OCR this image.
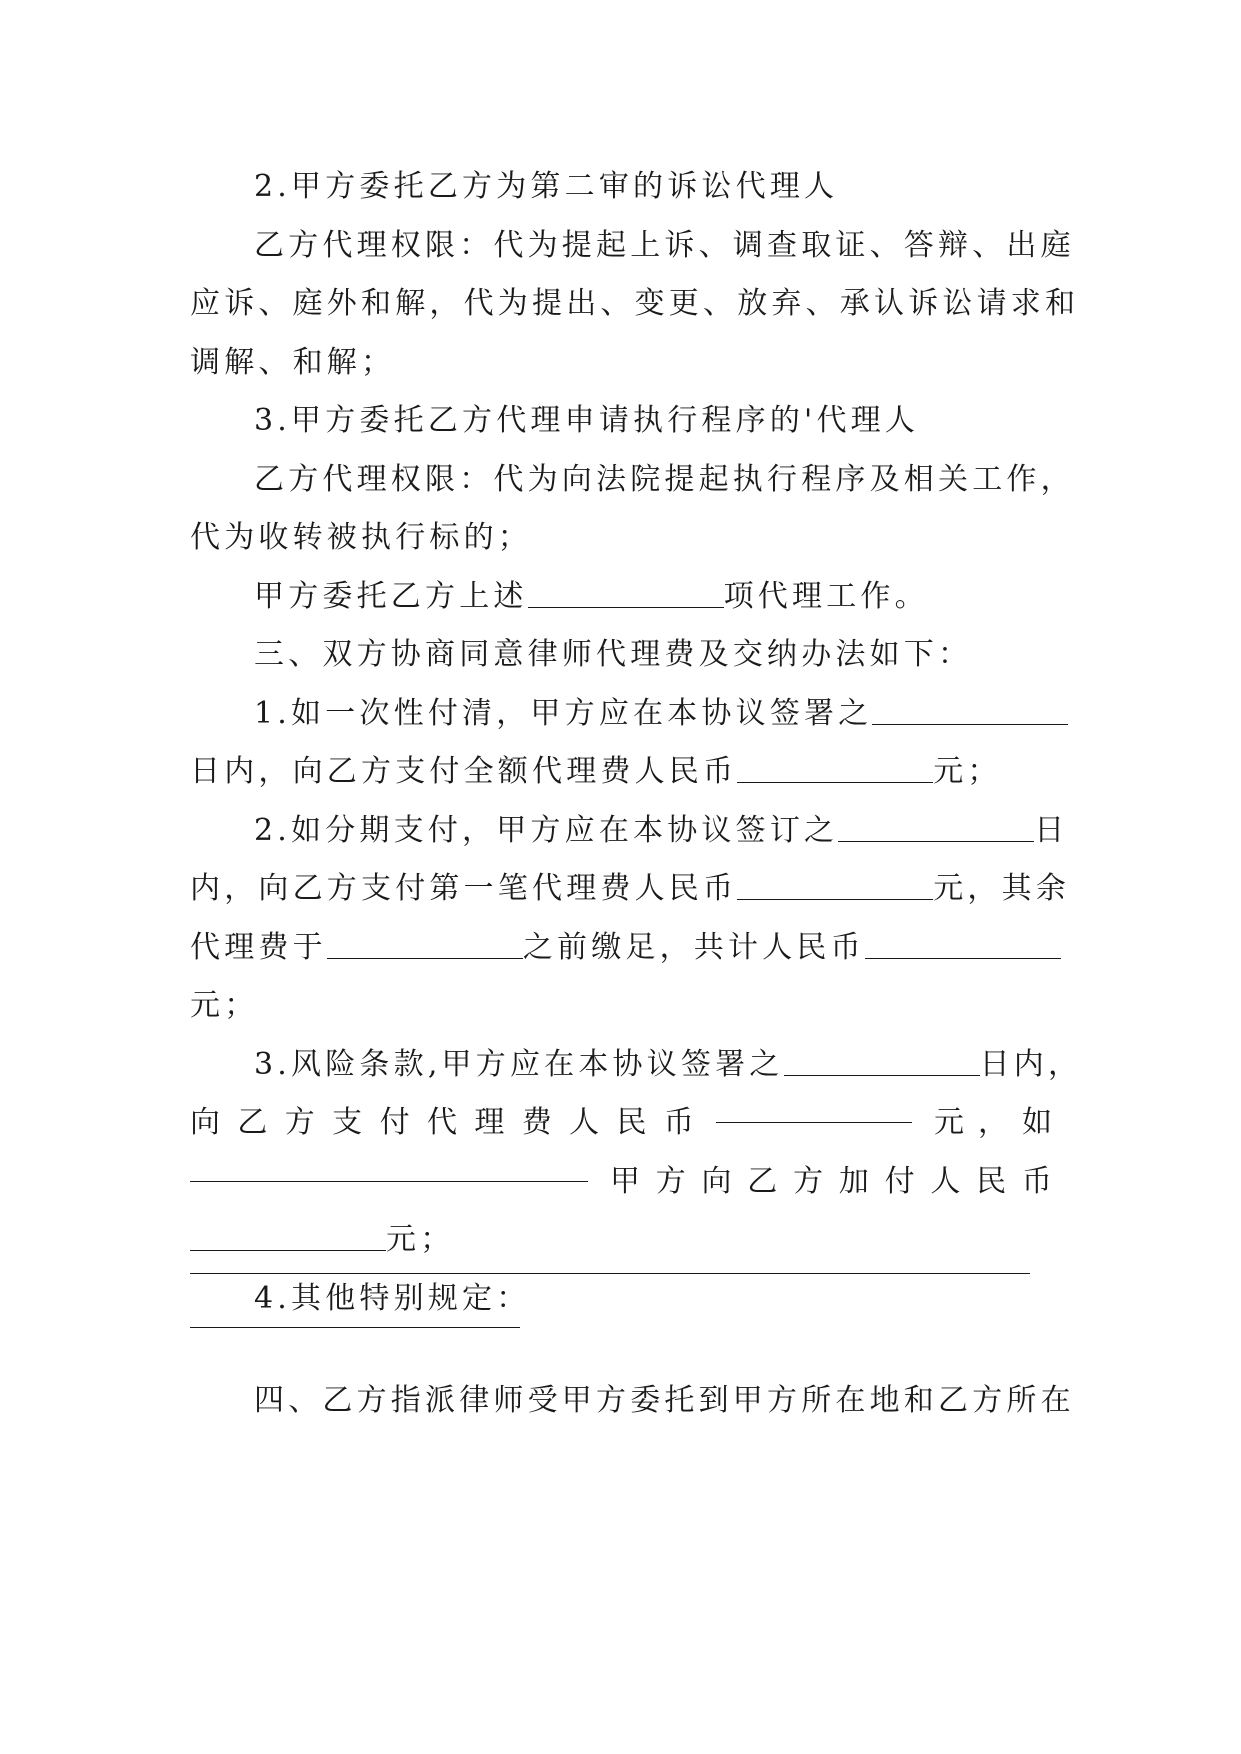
2.甲方委托乙方为第二审的诉讼代理人
乙方代理权限：代为提起上诉、调查取证、答辩、出庭
应诉、庭外和解，代为提出、变更、放弃、承认诉讼请求和
调解、和解；
3.甲方委托乙方代理申请执行程序的'代理人
乙方代理权限：代为向法院提起执行程序及相关工作，
代为收转被执行标的；
甲方委托乙方上述	项代理工作。
三、双方协商同意律师代理费及交纳办法如下：
1.如一次性付清，甲方应在本协议签署之
日内，向乙方支付全额代理费人民币	元；
2.如分期支付，甲方应在本协议签订之	日
内，向乙方支付第一笔代理费人民币	元，其余
代理费于	之前缴足，共计人民币
元；
3.风险条款,甲方应在本协议签署之	日内，
向 乙 方 支 付 代 理 费 人 民 币	元 ， 如
甲 方 向 乙 方 加 付 人 民 币
元；
4.其他特别规定：
四、乙方指派律师受甲方委托到甲方所在地和乙方所在
